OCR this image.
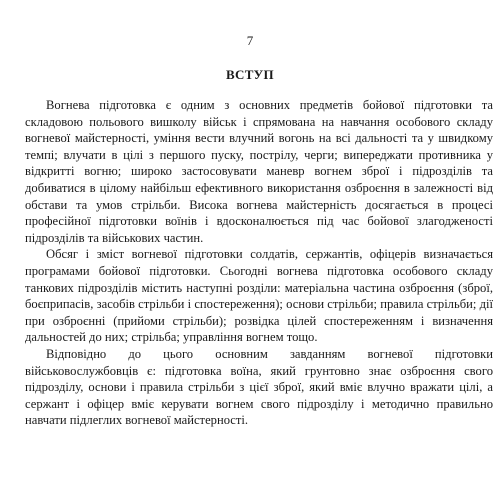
7
ВСТУП

Вогнева підготовка є одним з основних предметів бойової підготовки та складовою польового вишколу військ і спрямована на навчання особового складу вогневої майстерності, уміння вести влучний вогонь на всі дальності та у швидкому темпі; влучати в цілі з першого пуску, пострілу, черги; випереджати противника у відкритті вогню; широко застосовувати маневр вогнем зброї і підрозділів та добиватися в цілому найбільш ефективного використання озброєння в залежності від обстави та умов стрільби. Висока вогнева майстерність досягається в процесі професійної підготовки воїнів і вдосконалюється під час бойової злагодженості підрозділів та військових частин.

Обсяг і зміст вогневої підготовки солдатів, сержантів, офіцерів визначається програмами бойової підготовки. Сьогодні вогнева підготовка особового складу танкових підрозділів містить наступні розділи: матеріальна частина озброєння (зброї, боєприпасів, засобів стрільби і спостереження); основи стрільби; правила стрільби; дії при озброєнні (прийоми стрільби); розвідка цілей спостереженням і визначення дальностей до них; стрільба; управління вогнем тощо.

Відповідно до цього основним завданням вогневої підготовки військовослужбовців є: підготовка воїна, який грунтовно знає озброєння свого підрозділу, основи і правила стрільби з цієї зброї, який вміє влучно вражати цілі, а сержант і офіцер вміє керувати вогнем свого підрозділу і методично правильно навчати підлеглих вогневої майстерності.
